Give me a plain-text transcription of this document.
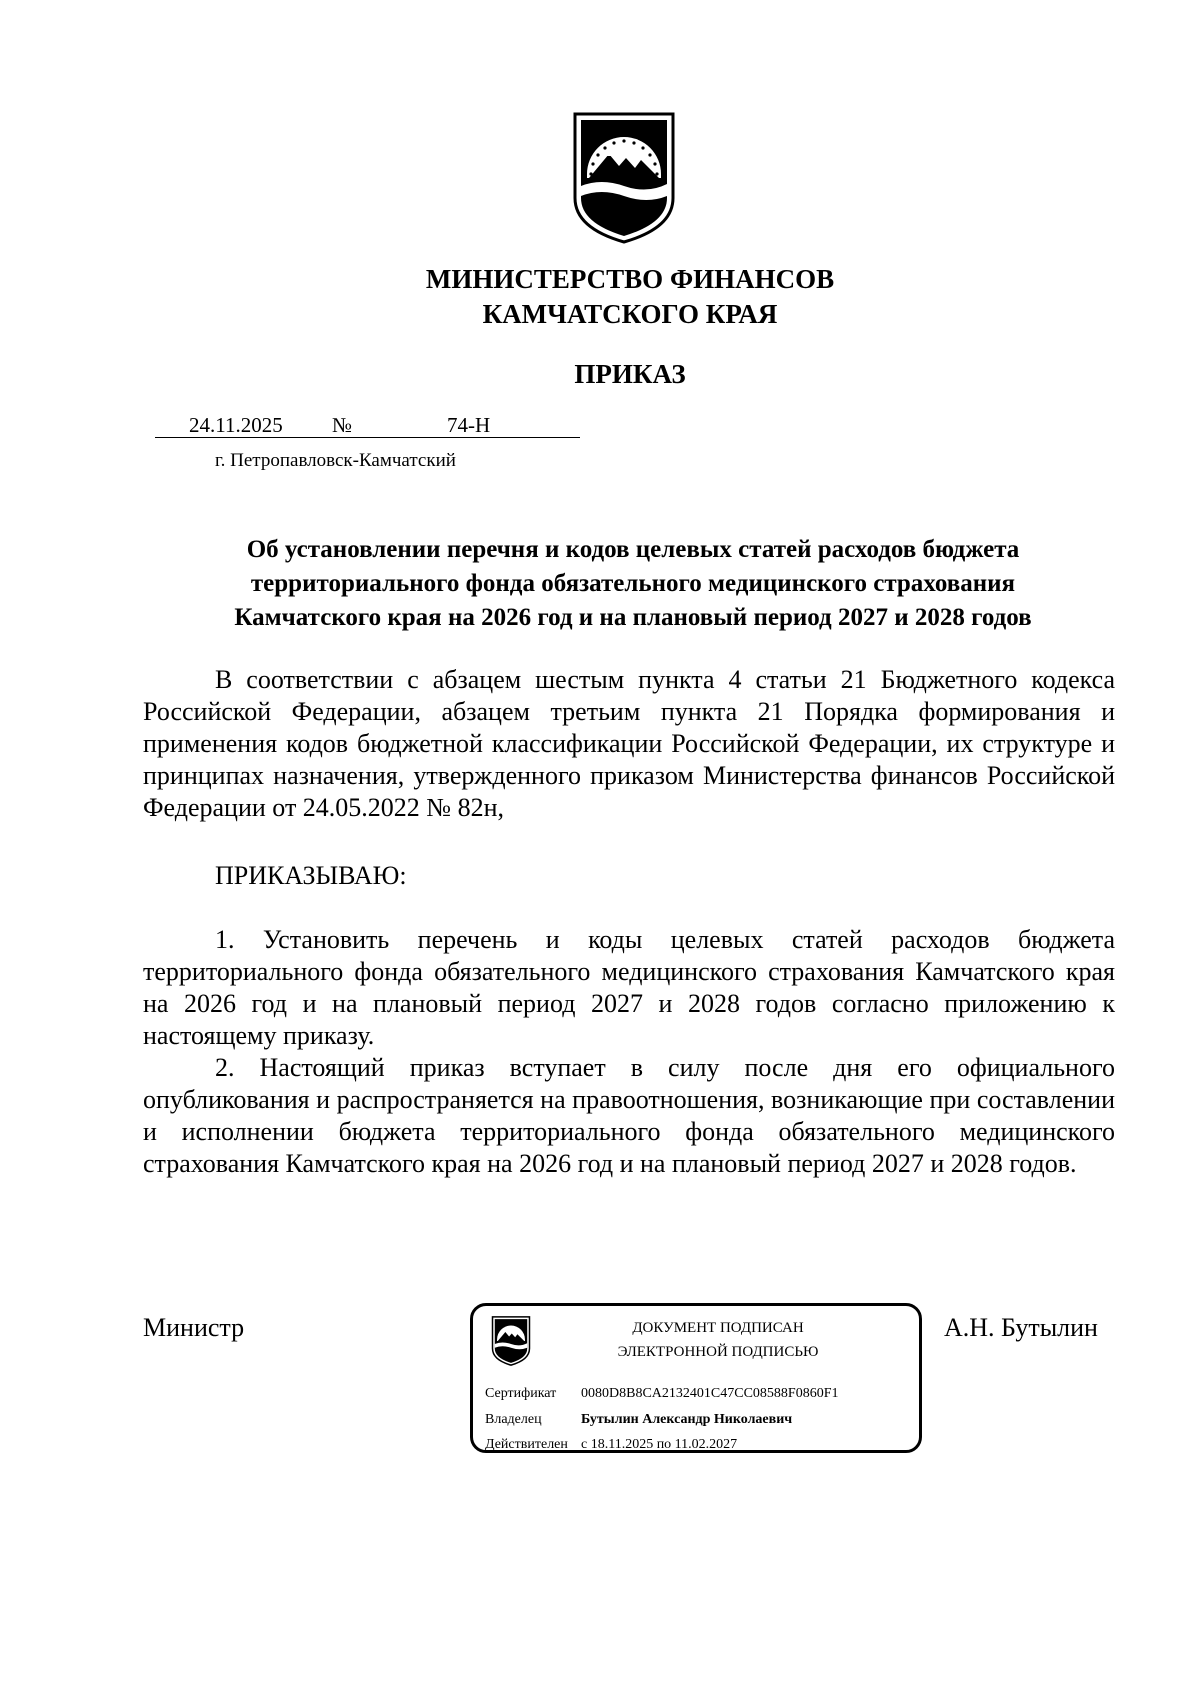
МИНИСТЕРСТВО ФИНАНСОВ
КАМЧАТСКОГО КРАЯ
ПРИКАЗ
24.11.2025 №	74-Н
г. Петропавловск-Камчатский
Об установлении перечня и кодов целевых статей расходов бюджета
территориального фонда обязательного медицинского страхования
Камчатского края на 2026 год и на плановый период 2027 и 2028 годов
В соответствии с абзацем шестым пункта 4 статьи 21 Бюджетного кодекса Российской Федерации, абзацем третьим пункта 21 Порядка формирования и применения кодов бюджетной классификации Российской Федерации, их структуре и принципах назначения, утвержденного приказом Министерства финансов Российской Федерации от 24.05.2022 № 82н,
ПРИКАЗЫВАЮ:
1. Установить перечень и коды целевых статей расходов бюджета территориального фонда обязательного медицинского страхования Камчатского края на 2026 год и на плановый период 2027 и 2028 годов согласно приложению к настоящему приказу.
2. Настоящий приказ вступает в силу после дня его официального опубликования и распространяется на правоотношения, возникающие при составлении и исполнении бюджета территориального фонда обязательного медицинского страхования Камчатского края на 2026 год и на плановый период 2027 и 2028 годов.
Министр	ДОКУМЕНТ ПОДПИСАН
ЭЛЕКТРОННОЙ ПОДПИСЬЮ
Сертификат 0080D8B8CA2132401C47CC08588F0860F1
Владелец	Бутылин Александр Николаевич
Действителен с 18.11.2025 по 11.02.2027
А.Н. Бутылин
